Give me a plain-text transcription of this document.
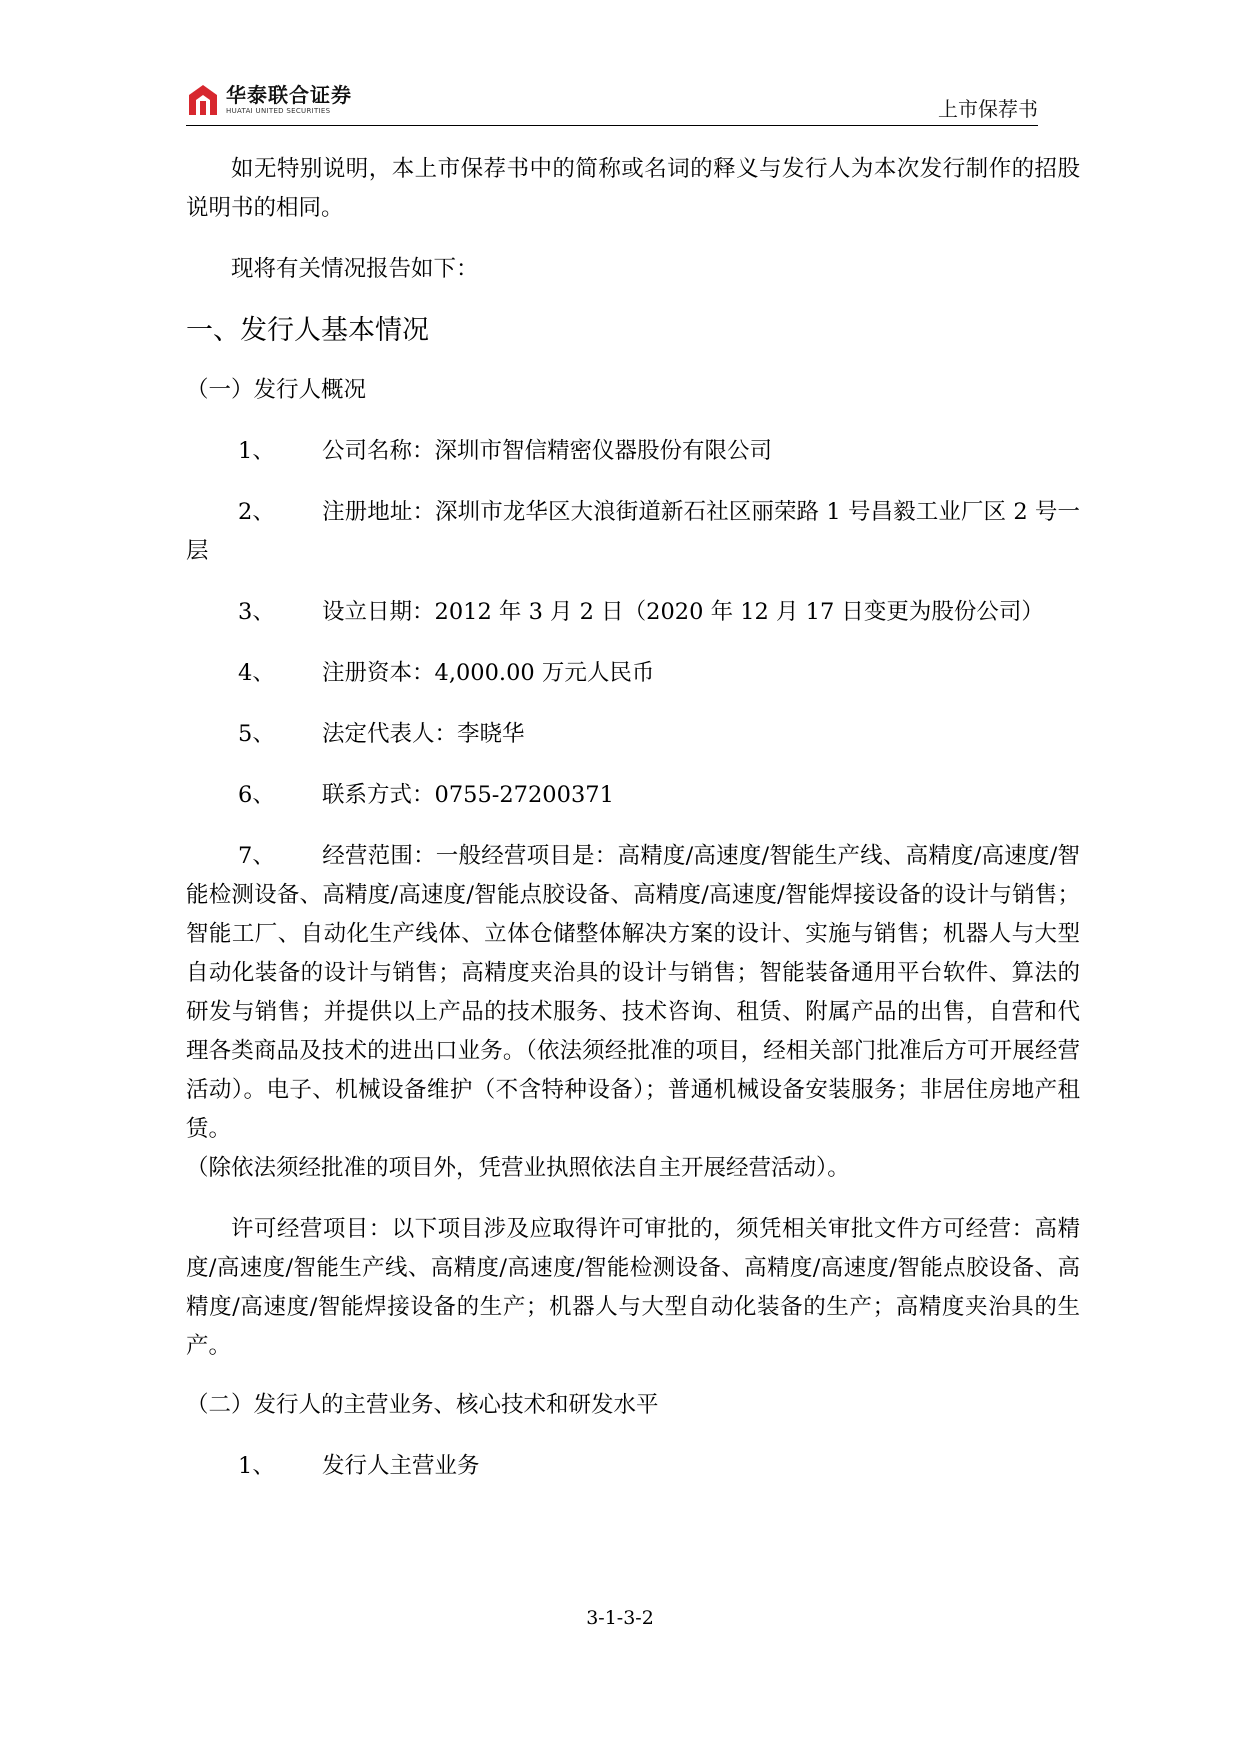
华泰联合证券
HUATAI UNITED SECURITIES	上市保荐书

如无特别说明，本上市保荐书中的简称或名词的释义与发行人为本次发行制作的招股说明书的相同。

现将有关情况报告如下：

一、发行人基本情况
（一）发行人概况
1、 公司名称：深圳市智信精密仪器股份有限公司
2、 注册地址：深圳市龙华区大浪街道新石社区丽荣路 1 号昌毅工业厂区 2 号一层
3、 设立日期：2012 年 3 月 2 日（2020 年 12 月 17 日变更为股份公司）
4、 注册资本：4,000.00 万元人民币
5、 法定代表人：李晓华
6、 联系方式：0755-27200371
7、 经营范围：一般经营项目是：高精度/高速度/智能生产线、高精度/高速度/智能检测设备、高精度/高速度/智能点胶设备、高精度/高速度/智能焊接设备的设计与销售；智能工厂、自动化生产线体、立体仓储整体解决方案的设计、实施与销售；机器人与大型自动化装备的设计与销售；高精度夹治具的设计与销售；智能装备通用平台软件、算法的研发与销售；并提供以上产品的技术服务、技术咨询、租赁、附属产品的出售，自营和代理各类商品及技术的进出口业务。（依法须经批准的项目，经相关部门批准后方可开展经营活动）。电子、机械设备维护（不含特种设备）；普通机械设备安装服务；非居住房地产租赁。

（除依法须经批准的项目外，凭营业执照依法自主开展经营活动）。

许可经营项目：以下项目涉及应取得许可审批的，须凭相关审批文件方可经营：高精度/高速度/智能生产线、高精度/高速度/智能检测设备、高精度/高速度/智能点胶设备、高精度/高速度/智能焊接设备的生产；机器人与大型自动化装备的生产；高精度夹治具的生产。

（二）发行人的主营业务、核心技术和研发水平
1、 发行人主营业务
3-1-3-2
